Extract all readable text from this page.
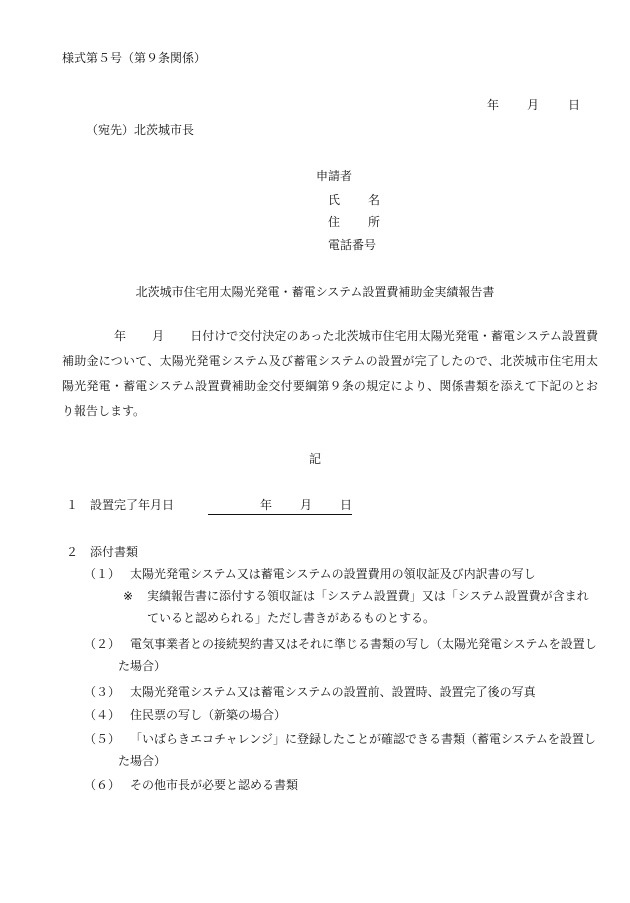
様式第５号（第９条関係）
年 月 日
（宛先）北茨城市長
申請者
氏 名
住 所
電話番号
北茨城市住宅用太陽光発電・蓄電システム設置費補助金実績報告書
年 月 日付けで交付決定のあった北茨城市住宅用太陽光発電・蓄電システム設置費補助金について、太陽光発電システム及び蓄電システムの設置が完了したので、北茨城市住宅用太陽光発電・蓄電システム設置費補助金交付要綱第９条の規定により、関係書類を添えて下記のとおり報告します。
記
１ 設置完了年月日	年 月 日
２ 添付書類
（１） 太陽光発電システム又は蓄電システムの設置費用の領収証及び内訳書の写し
※ 実績報告書に添付する領収証は「システム設置費」又は「システム設置費が含まれていると認められる」ただし書きがあるものとする。
（２） 電気事業者との接続契約書又はそれに準じる書類の写し（太陽光発電システムを設置した場合）
（３） 太陽光発電システム又は蓄電システムの設置前、設置時、設置完了後の写真
（４） 住民票の写し（新築の場合）
（５） 「いばらきエコチャレンジ」に登録したことが確認できる書類（蓄電システムを設置した場合）
（６） その他市長が必要と認める書類
